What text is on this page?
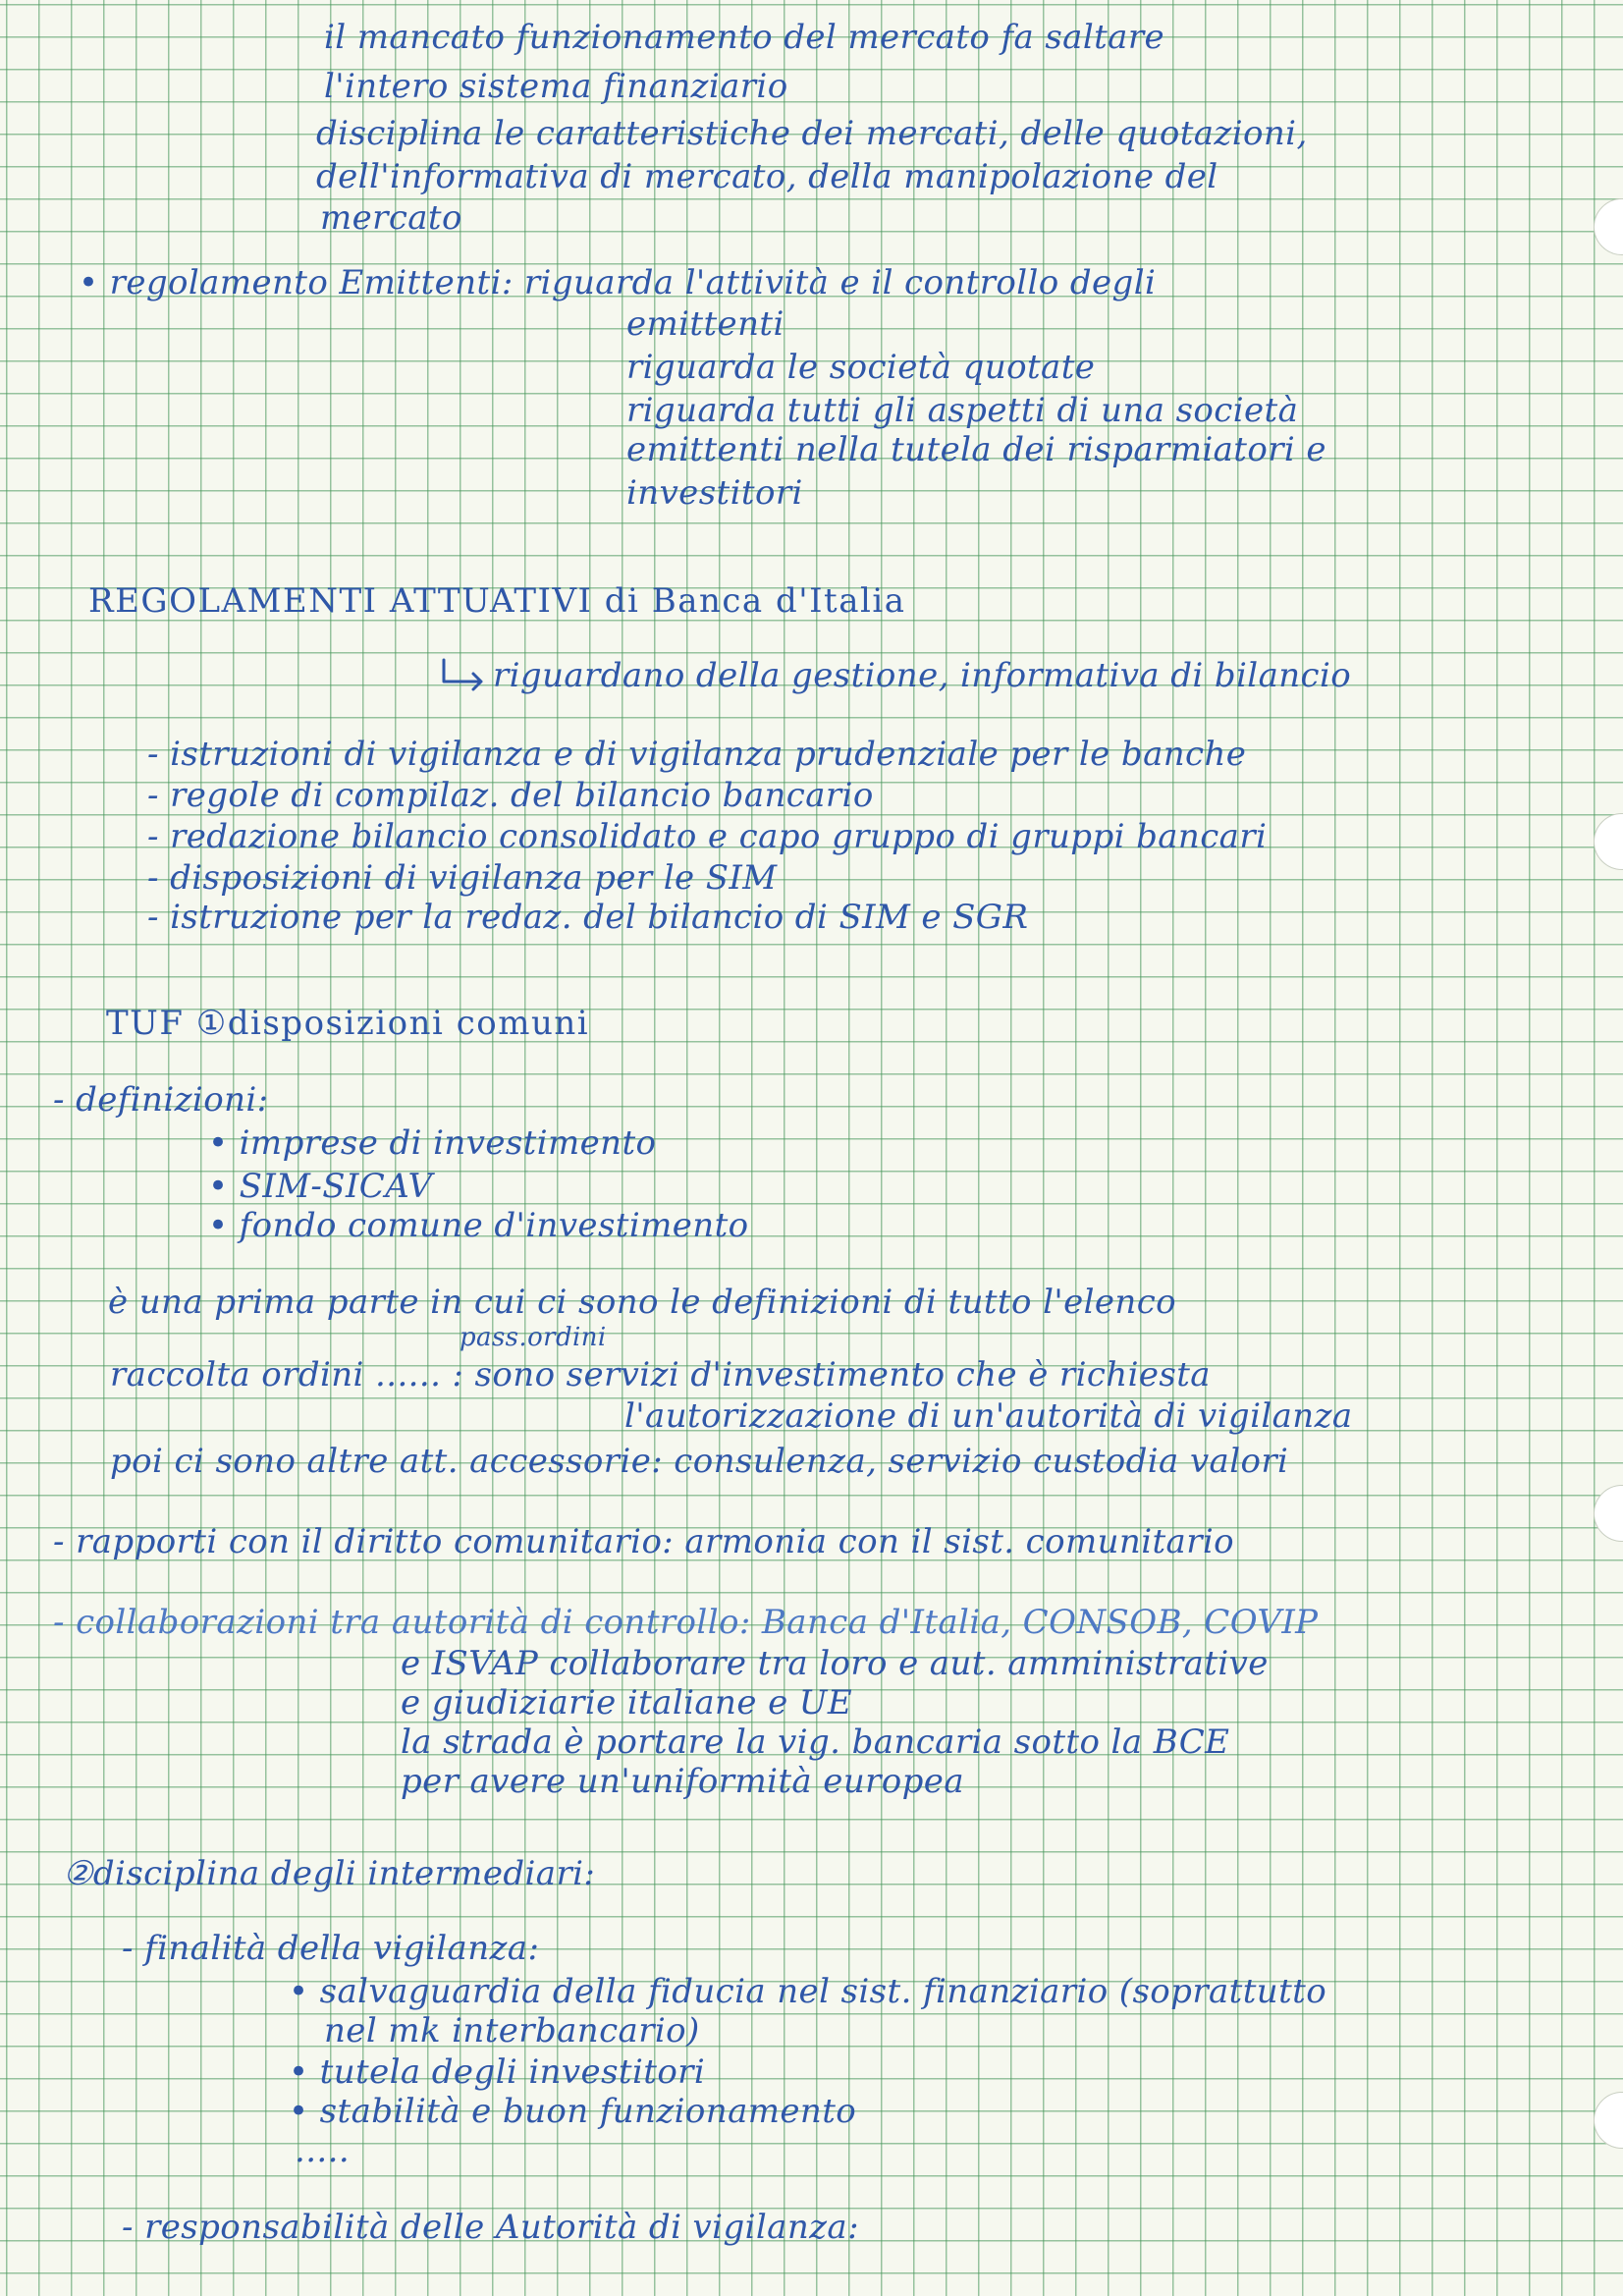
il mancato funzionamento del mercato fa saltare
l'intero sistema finanziario
disciplina le caratteristiche dei mercati, delle quotazioni,
dell'informativa di mercato, della manipolazione del
mercato
• regolamento Emittenti: riguarda l'attività e il controllo degli
emittenti
riguarda le società quotate
riguarda tutti gli aspetti di una società
emittenti nella tutela dei risparmiatori e
investitori
REGOLAMENTI ATTUATIVI di Banca d'Italia
riguardano della gestione, informativa di bilancio
- istruzioni di vigilanza e di vigilanza prudenziale per le banche
- regole di compilaz. del bilancio bancario
- redazione bilancio consolidato e capo gruppo di gruppi bancari
- disposizioni di vigilanza per le SIM
- istruzione per la redaz. del bilancio di SIM e SGR
TUF ①disposizioni comuni
- definizioni:
• imprese di investimento
• SIM-SICAV
• fondo comune d'investimento
è una prima parte in cui ci sono le definizioni di tutto l'elenco
pass.ordini
raccolta ordini ...... : sono servizi d'investimento che è richiesta
l'autorizzazione di un'autorità di vigilanza
poi ci sono altre att. accessorie: consulenza, servizio custodia valori
- rapporti con il diritto comunitario: armonia con il sist. comunitario
- collaborazioni tra autorità di controllo: Banca d'Italia, CONSOB, COVIP
e ISVAP collaborare tra loro e aut. amministrative
e giudiziarie italiane e UE
la strada è portare la vig. bancaria sotto la BCE
per avere un'uniformità europea
②disciplina degli intermediari:
- finalità della vigilanza:
• salvaguardia della fiducia nel sist. finanziario (soprattutto
nel mk interbancario)
• tutela degli investitori
• stabilità e buon funzionamento
.....
- responsabilità delle Autorità di vigilanza:
